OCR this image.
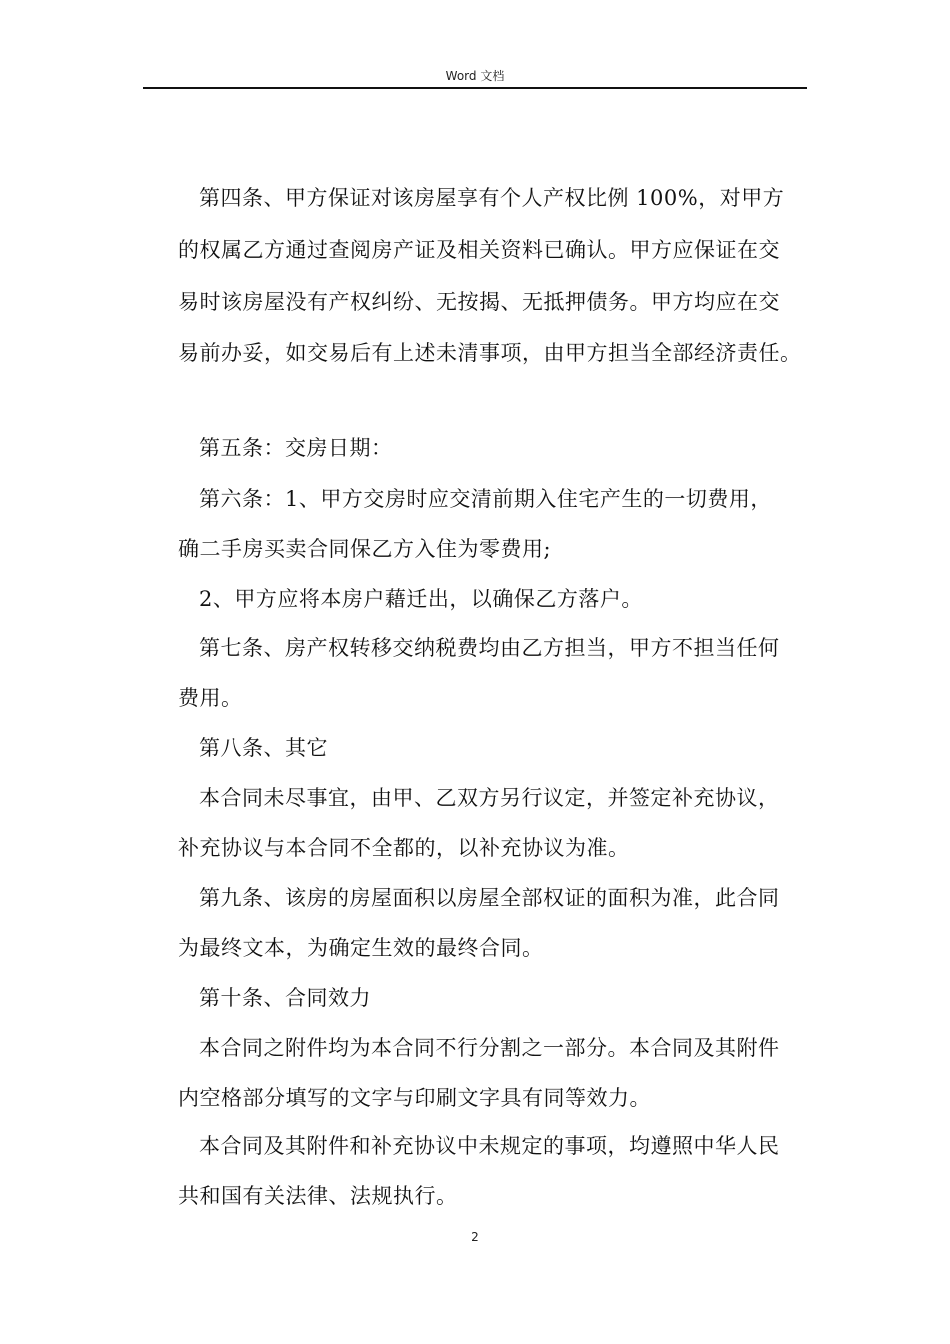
Word 文档
第四条、甲方保证对该房屋享有个人产权比例 100%，对甲方
的权属乙方通过查阅房产证及相关资料已确认。甲方应保证在交
易时该房屋没有产权纠纷、无按揭、无抵押债务。甲方均应在交
易前办妥，如交易后有上述未清事项，由甲方担当全部经济责任。
第五条：交房日期：
第六条：1、甲方交房时应交清前期入住宅产生的一切费用，
确二手房买卖合同保乙方入住为零费用;
2、甲方应将本房户藉迁出，以确保乙方落户。
第七条、房产权转移交纳税费均由乙方担当，甲方不担当任何
费用。
第八条、其它
本合同未尽事宜，由甲、乙双方另行议定，并签定补充协议，
补充协议与本合同不全都的，以补充协议为准。
第九条、该房的房屋面积以房屋全部权证的面积为准，此合同
为最终文本，为确定生效的最终合同。
第十条、合同效力
本合同之附件均为本合同不行分割之一部分。本合同及其附件
内空格部分填写的文字与印刷文字具有同等效力。
本合同及其附件和补充协议中未规定的事项，均遵照中华人民
共和国有关法律、法规执行。
2
